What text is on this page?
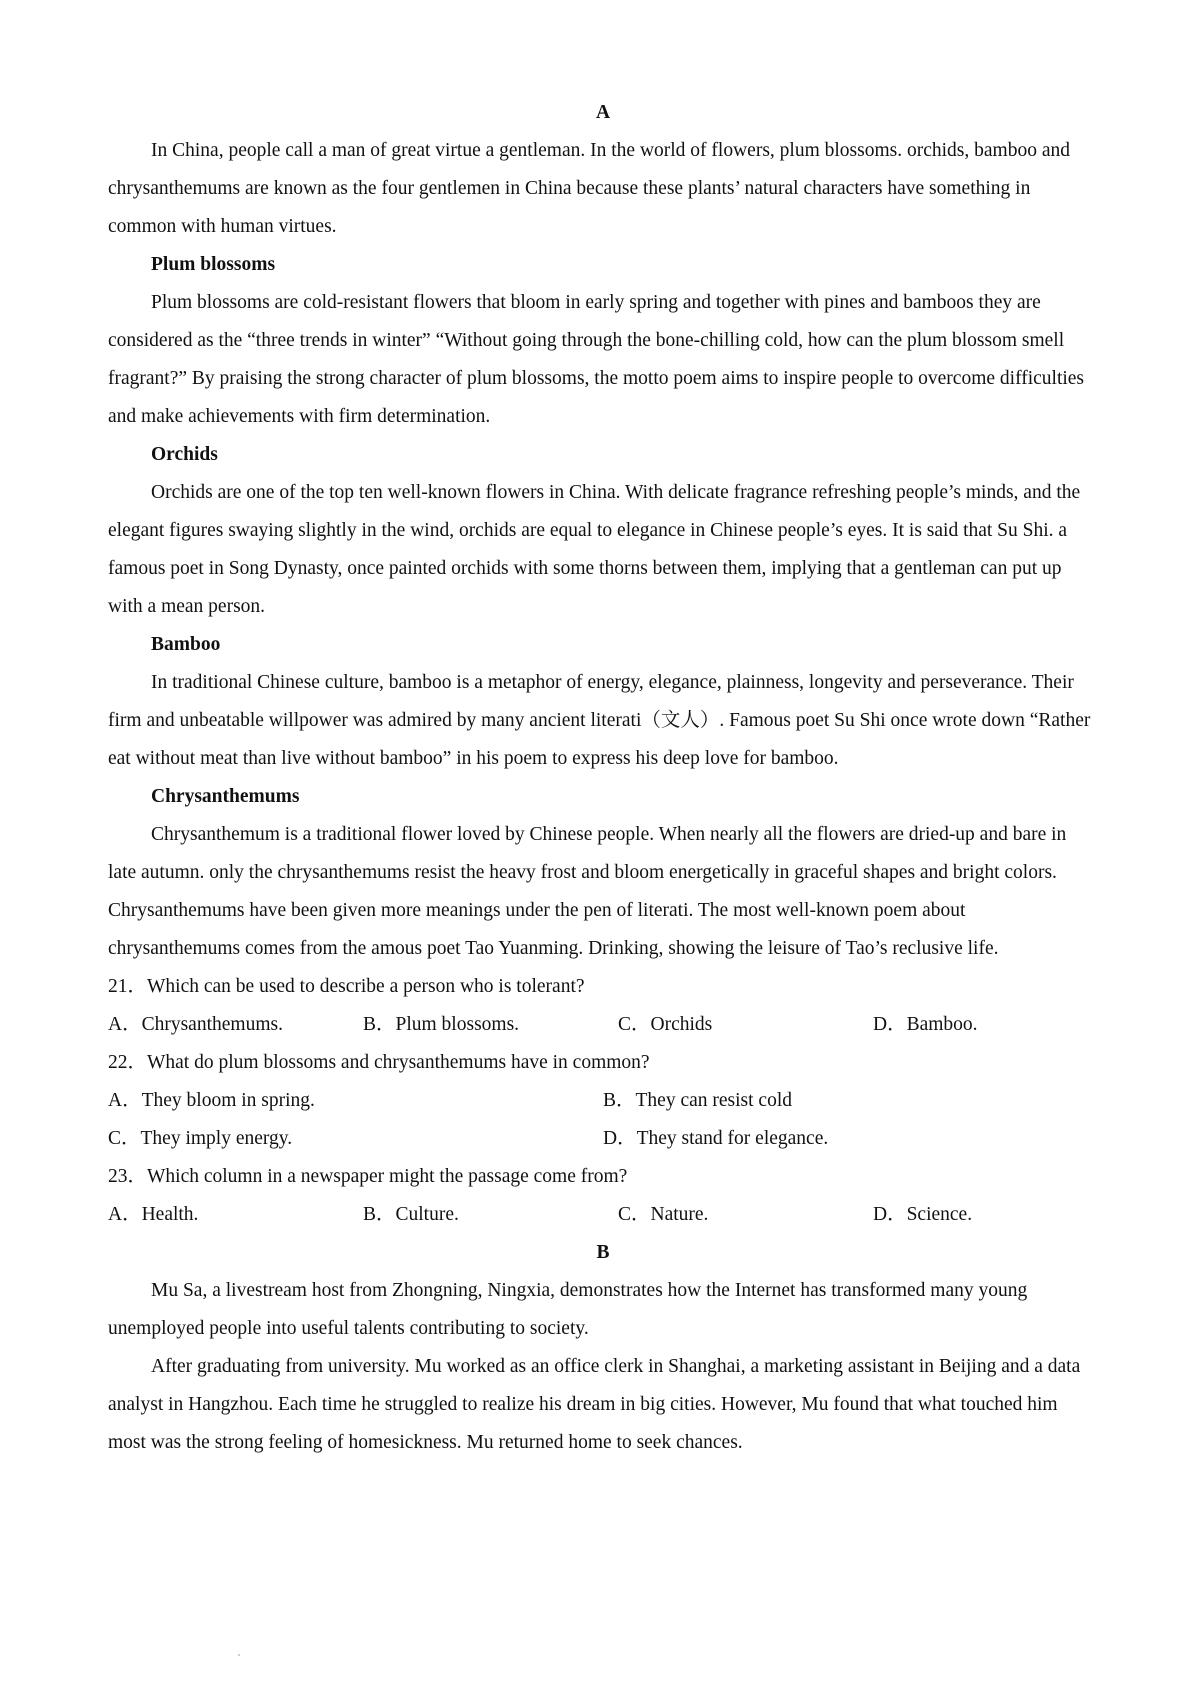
A

In China, people call a man of great virtue a gentleman. In the world of flowers, plum blossoms. orchids, bamboo and chrysanthemums are known as the four gentlemen in China because these plants’ natural characters have something in common with human virtues.

Plum blossoms

Plum blossoms are cold-resistant flowers that bloom in early spring and together with pines and bamboos they are considered as the “three trends in winter” “Without going through the bone-chilling cold, how can the plum blossom smell fragrant?” By praising the strong character of plum blossoms, the motto poem aims to inspire people to overcome difficulties and make achievements with firm determination.

Orchids

Orchids are one of the top ten well-known flowers in China. With delicate fragrance refreshing people’s minds, and the elegant figures swaying slightly in the wind, orchids are equal to elegance in Chinese people’s eyes. It is said that Su Shi. a famous poet in Song Dynasty, once painted orchids with some thorns between them, implying that a gentleman can put up with a mean person.

Bamboo

In traditional Chinese culture, bamboo is a metaphor of energy, elegance, plainness, longevity and perseverance. Their firm and unbeatable willpower was admired by many ancient literati（文人）. Famous poet Su Shi once wrote down “Rather eat without meat than live without bamboo” in his poem to express his deep love for bamboo.

Chrysanthemums

Chrysanthemum is a traditional flower loved by Chinese people. When nearly all the flowers are dried-up and bare in late autumn. only the chrysanthemums resist the heavy frost and bloom energetically in graceful shapes and bright colors. Chrysanthemums have been given more meanings under the pen of literati. The most well-known poem about chrysanthemums comes from the amous poet Tao Yuanming. Drinking, showing the leisure of Tao’s reclusive life.

21．Which can be used to describe a person who is tolerant?

A．Chrysanthemums.	B．Plum blossoms.	C．Orchids	D．Bamboo.

22．What do plum blossoms and chrysanthemums have in common?

A．They bloom in spring.	B．They can resist cold
C．They imply energy.	D．They stand for elegance.

23．Which column in a newspaper might the passage come from?

A．Health.	B．Culture.	C．Nature.	D．Science.
B

Mu Sa, a livestream host from Zhongning, Ningxia, demonstrates how the Internet has transformed many young unemployed people into useful talents contributing to society.

After graduating from university. Mu worked as an office clerk in Shanghai, a marketing assistant in Beijing and a data analyst in Hangzhou. Each time he struggled to realize his dream in big cities. However, Mu found that what touched him most was the strong feeling of homesickness. Mu returned home to seek chances.
